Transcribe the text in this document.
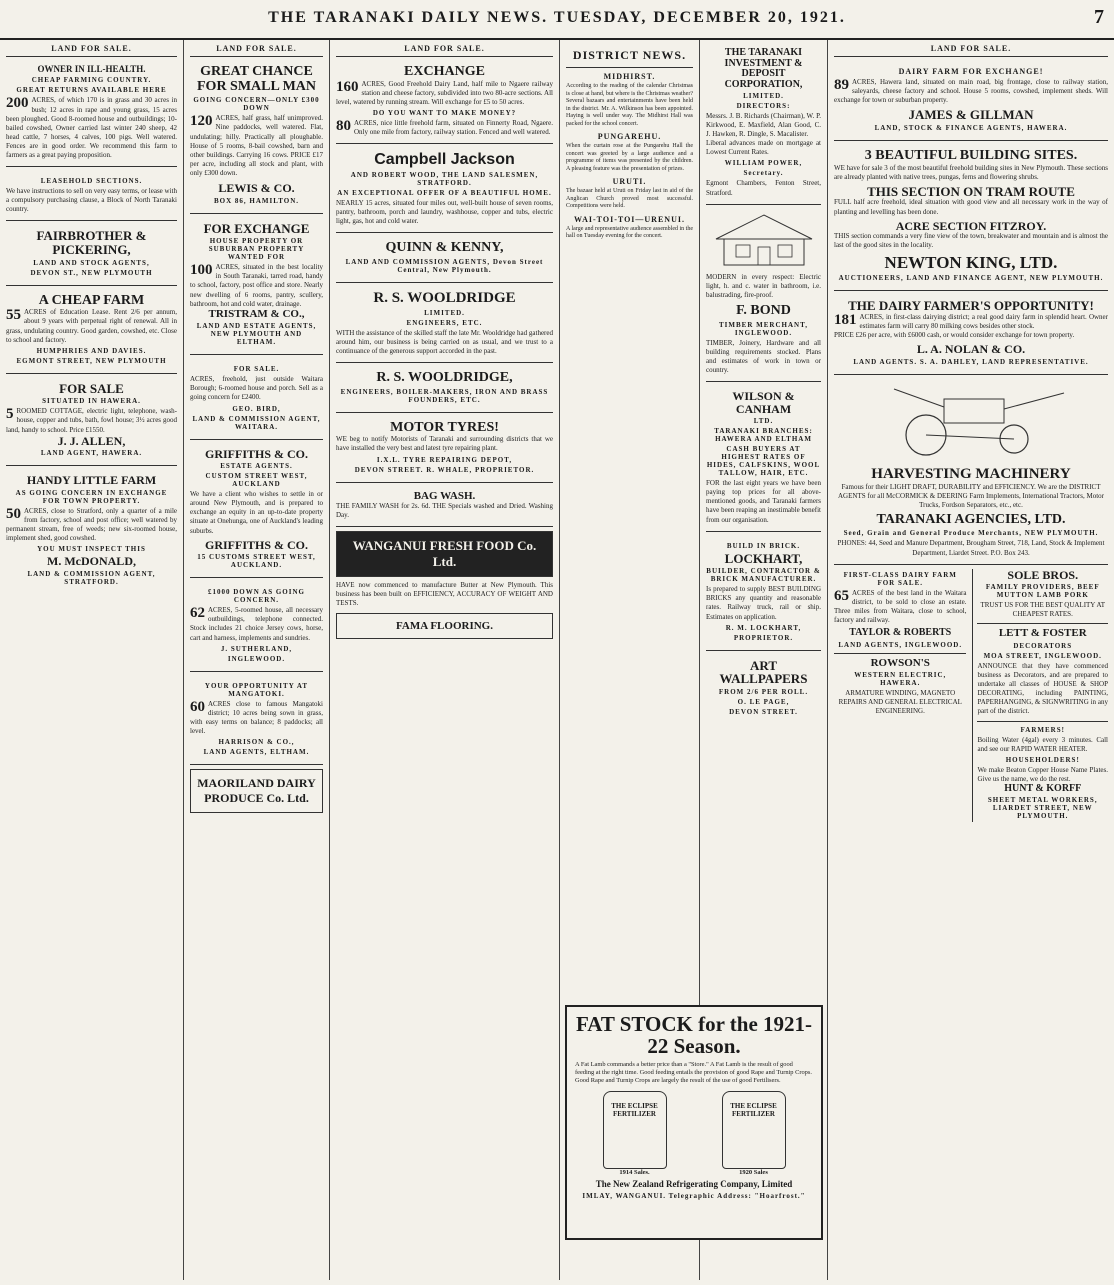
THE TARANAKI DAILY NEWS. TUESDAY, DECEMBER 20, 1921.	7
LAND FOR SALE.
OWNER IN ILL-HEALTH.
CHEAP FARMING COUNTRY.
GREAT RETURNS AVAILABLE HERE
200 ACRES, of which 170 is in grass and 30 acres in bush; 12 acres in rape and young grass, 15 acres been ploughed. Good 8-roomed house and outbuildings; 10-bailed cowshed, Owner carried last winter 240 sheep, 42 head cattle, 7 horses, 4 calves, 100 pigs. Well watered. Fences are in good order. We recommend this farm to farmers as a great paying proposition.
LEASEHOLD SECTIONS.
We have instructions to sell on very easy terms, or lease with a compulsory purchasing clause, a Block of North Taranaki country.
FAIRBROTHER & PICKERING,
LAND AND STOCK AGENTS,
DEVON ST., NEW PLYMOUTH
A CHEAP FARM
55 ACRES of Education Lease. Rent 2/6 per annum, about 9 years with perpetual right of renewal. All in grass, undulating country. Good garden, cowshed, etc. Close to school and factory.
HUMPHRIES AND DAVIES.
EGMONT STREET, NEW PLYMOUTH
FOR SALE
SITUATED IN HAWERA.
5 ROOMED COTTAGE, electric light, telephone, wash-house, copper and tubs, bath, fowl house; 3½ acres good land, handy to school. Price £1550.
J. J. ALLEN,
LAND AGENT, HAWERA.
HANDY LITTLE FARM
AS GOING CONCERN IN EXCHANGE FOR TOWN PROPERTY.
50 ACRES, close to Stratford, only a quarter of a mile from factory, school and post office; well watered by permanent stream, free of weeds; new six-roomed house, implement shed, good cowshed.
YOU MUST INSPECT THIS
M. McDONALD,
LAND & COMMISSION AGENT, STRATFORD.
LAND FOR SALE.
GREAT CHANCE FOR SMALL MAN
GOING CONCERN—ONLY £300 DOWN
120 ACRES, half grass, half unimproved. Nine paddocks, well watered. Flat, undulating; hilly. Practically all ploughable. House of 5 rooms, 8-bail cowshed, barn and other buildings. Carrying 16 cows. PRICE £17 per acre, including all stock and plant, with only £300 down.
LEWIS & CO.
BOX 86, HAMILTON.
FOR EXCHANGE
HOUSE PROPERTY OR SUBURBAN PROPERTY WANTED FOR
100 ACRES, situated in the best locality in South Taranaki, tarred road, handy to school, factory, post office and store. Nearly new dwelling of 6 rooms, pantry, scullery, bathroom, hot and cold water, drainage.
TRISTRAM & CO.,
LAND AND ESTATE AGENTS, NEW PLYMOUTH AND ELTHAM.
FOR SALE.
ACRES, freehold, just outside Waitara Borough; 6-roomed house and porch. Sell as a going concern for £2400.
GEO. BIRD,
LAND & COMMISSION AGENT, WAITARA.
GRIFFITHS & CO.
ESTATE AGENTS.
CUSTOM STREET WEST, AUCKLAND
We have a client who wishes to settle in or around New Plymouth, and is prepared to exchange an equity in an up-to-date property situate at Onehunga, one of Auckland's leading suburbs.
GRIFFITHS & CO.
15 CUSTOMS STREET WEST, AUCKLAND.
£1000 DOWN AS GOING CONCERN.
62 ACRES, 5-roomed house, all necessary outbuildings, telephone connected. Stock includes 21 choice Jersey cows, horse, cart and harness, implements and sundries.
J. SUTHERLAND,
INGLEWOOD.
YOUR OPPORTUNITY AT MANGATOKI.
60 ACRES close to famous Mangatoki district; 10 acres being sown in grass, with easy terms on balance; 8 paddocks; all level.
HARRISON & CO.,
LAND AGENTS, ELTHAM.
MAORILAND DAIRY PRODUCE Co. Ltd.
LAND FOR SALE.
EXCHANGE
160 ACRES, Good Freehold Dairy Land, half mile to Ngaere railway station and cheese factory, subdivided into two 80-acre sections. All level, watered by running stream. Will exchange for £5 to 50 acres.
DO YOU WANT TO MAKE MONEY?
80 ACRES, nice little freehold farm, situated on Finnerty Road, Ngaere. Only one mile from factory, railway station. Fenced and well watered.
Campbell Jackson
AND ROBERT WOOD, THE LAND SALESMEN, STRATFORD.
AN EXCEPTIONAL OFFER OF A BEAUTIFUL HOME.
NEARLY 15 acres, situated four miles out, well-built house of seven rooms, pantry, bathroom, porch and laundry, washhouse, copper and tubs, electric light, gas, hot and cold water.
QUINN & KENNY,
LAND AND COMMISSION AGENTS, Devon Street Central, New Plymouth.
R. S. WOOLDRIDGE
LIMITED.
ENGINEERS, ETC.
WITH the assistance of the skilled staff the late Mr. Wooldridge had gathered around him, our business is being carried on as usual, and we trust to a continuance of the generous support accorded in the past.
R. S. WOOLDRIDGE,
ENGINEERS, BOILER-MAKERS, IRON AND BRASS FOUNDERS, ETC.
MOTOR TYRES!
WE beg to notify Motorists of Taranaki and surrounding districts that we have installed the very best and latest tyre repairing plant.
I.X.L. TYRE REPAIRING DEPOT,
DEVON STREET. R. WHALE, PROPRIETOR.
BAG WASH.
THE FAMILY WASH for 2s. 6d. THE Specials washed and Dried. Washing Day.
WANGANUI FRESH FOOD Co. Ltd.
HAVE now commenced to manufacture Butter at New Plymouth. This business has been built on EFFICIENCY, ACCURACY OF WEIGHT AND TESTS.
FAMA FLOORING.
DISTRICT NEWS.
MIDHIRST.
According to the reading of the calendar Christmas is close at hand, but where is the Christmas weather? Several bazaars and entertainments have been held in the district. Mr. A. Wilkinson has been appointed. Haying is well under way. The Midhirst Hall was packed for the school concert.
PUNGAREHU.
When the curtain rose at the Pungarehu Hall the concert was greeted by a large audience and a programme of items was presented by the children. A pleasing feature was the presentation of prizes.
URUTI.
The bazaar held at Uruti on Friday last in aid of the Anglican Church proved most successful. Competitions were held.
WAI-TOI-TOI—URENUI.
A large and representative audience assembled in the hall on Tuesday evening for the concert.
THE TARANAKI INVESTMENT & DEPOSIT CORPORATION,
LIMITED.
DIRECTORS:
Messrs. J. B. Richards (Chairman), W. P. Kirkwood, E. Maxfield, Alan Good, C. J. Hawken, R. Dingle, S. Macalister.
Liberal advances made on mortgage at Lowest Current Rates.
WILLIAM POWER,
Secretary.
Egmont Chambers, Fenton Street, Stratford.
MODERN in every respect: Electric light, h. and c. water in bathroom, i.e. balustrading, fire-proof.
F. BOND
TIMBER MERCHANT, INGLEWOOD.
TIMBER, Joinery, Hardware and all building requirements stocked. Plans and estimates of work in town or country.
WILSON & CANHAM
LTD.
TARANAKI BRANCHES: HAWERA AND ELTHAM
CASH BUYERS AT HIGHEST RATES OF HIDES, CALFSKINS, WOOL TALLOW, HAIR, ETC.
FOR the last eight years we have been paying top prices for all above-mentioned goods, and Taranaki farmers have been reaping an inestimable benefit from our organisation.
BUILD IN BRICK.
LOCKHART,
BUILDER, CONTRACTOR & BRICK MANUFACTURER.
Is prepared to supply BEST BUILDING BRICKS any quantity and reasonable rates. Railway truck, rail or ship. Estimates on application.
R. M. LOCKHART,
PROPRIETOR.
ART WALLPAPERS
FROM 2/6 PER ROLL.
O. LE PAGE,
DEVON STREET.
LAND FOR SALE.
DAIRY FARM FOR EXCHANGE!
89 ACRES, Hawera land, situated on main road, big frontage, close to railway station, saleyards, cheese factory and school. House 5 rooms, cowshed, implement sheds. Will exchange for town or suburban property.
JAMES & GILLMAN
LAND, STOCK & FINANCE AGENTS, HAWERA.
3 BEAUTIFUL BUILDING SITES.
WE have for sale 3 of the most beautiful freehold building sites in New Plymouth. These sections are already planted with native trees, pungas, ferns and flowering shrubs.
THIS SECTION ON TRAM ROUTE
FULL half acre freehold, ideal situation with good view and all necessary work in the way of planting and levelling has been done.
ACRE SECTION FITZROY.
THIS section commands a very fine view of the town, breakwater and mountain and is almost the last of the good sites in the locality.
NEWTON KING, LTD.
AUCTIONEERS, LAND AND FINANCE AGENT, NEW PLYMOUTH.
THE DAIRY FARMER'S OPPORTUNITY!
181 ACRES, in first-class dairying district; a real good dairy farm in splendid heart. Owner estimates farm will carry 80 milking cows besides other stock.
PRICE £26 per acre, with £6000 cash, or would consider exchange for town property.
L. A. NOLAN & CO.
LAND AGENTS. S. A. DAHLEY, LAND REPRESENTATIVE.
HARVESTING MACHINERY
Famous for their LIGHT DRAFT, DURABILITY and EFFICIENCY. We are the DISTRICT AGENTS for all McCORMICK & DEERING Farm Implements, International Tractors, Motor Trucks, Fordson Separators, etc., etc.
TARANAKI AGENCIES, LTD.
Seed, Grain and General Produce Merchants, NEW PLYMOUTH.
PHONES: 44, Seed and Manure Department, Brougham Street, 718, Land, Stock & Implement Department, Liardet Street. P.O. Box 243.
FIRST-CLASS DAIRY FARM FOR SALE.
65 ACRES of the best land in the Waitara district, to be sold to close an estate. Three miles from Waitara, close to school, factory and railway.
TAYLOR & ROBERTS
LAND AGENTS, INGLEWOOD.
ROWSON'S
WESTERN ELECTRIC, HAWERA.
ARMATURE WINDING, MAGNETO REPAIRS AND GENERAL ELECTRICAL ENGINEERING.
SOLE BROS.
FAMILY PROVIDERS, BEEF MUTTON LAMB PORK
TRUST US FOR THE BEST QUALITY AT CHEAPEST RATES.
LETT & FOSTER
DECORATORS
MOA STREET, INGLEWOOD.
ANNOUNCE that they have commenced business as Decorators, and are prepared to undertake all classes of HOUSE & SHOP DECORATING, including PAINTING, PAPERHANGING, & SIGNWRITING in any part of the district.
FARMERS!
Boiling Water (4gal) every 3 minutes. Call and see our RAPID WATER HEATER.
HOUSEHOLDERS!
We make Beaton Copper House Name Plates. Give us the name, we do the rest.
HUNT & KORFF
SHEET METAL WORKERS, LIARDET STREET, NEW PLYMOUTH.
FAT STOCK for the 1921-22 Season.
A Fat Lamb commands a better price than a "Store." A Fat Lamb is the result of good feeding at the right time. Good feeding entails the provision of good Rape and Turnip Crops. Good Rape and Turnip Crops are largely the result of the use of good Fertilisers.
THE ECLIPSE FERTILIZER
1914 Sales.
THE ECLIPSE FERTILIZER
1920 Sales
The New Zealand Refrigerating Company, Limited
IMLAY, WANGANUI. Telegraphic Address: "Hoarfrost."
